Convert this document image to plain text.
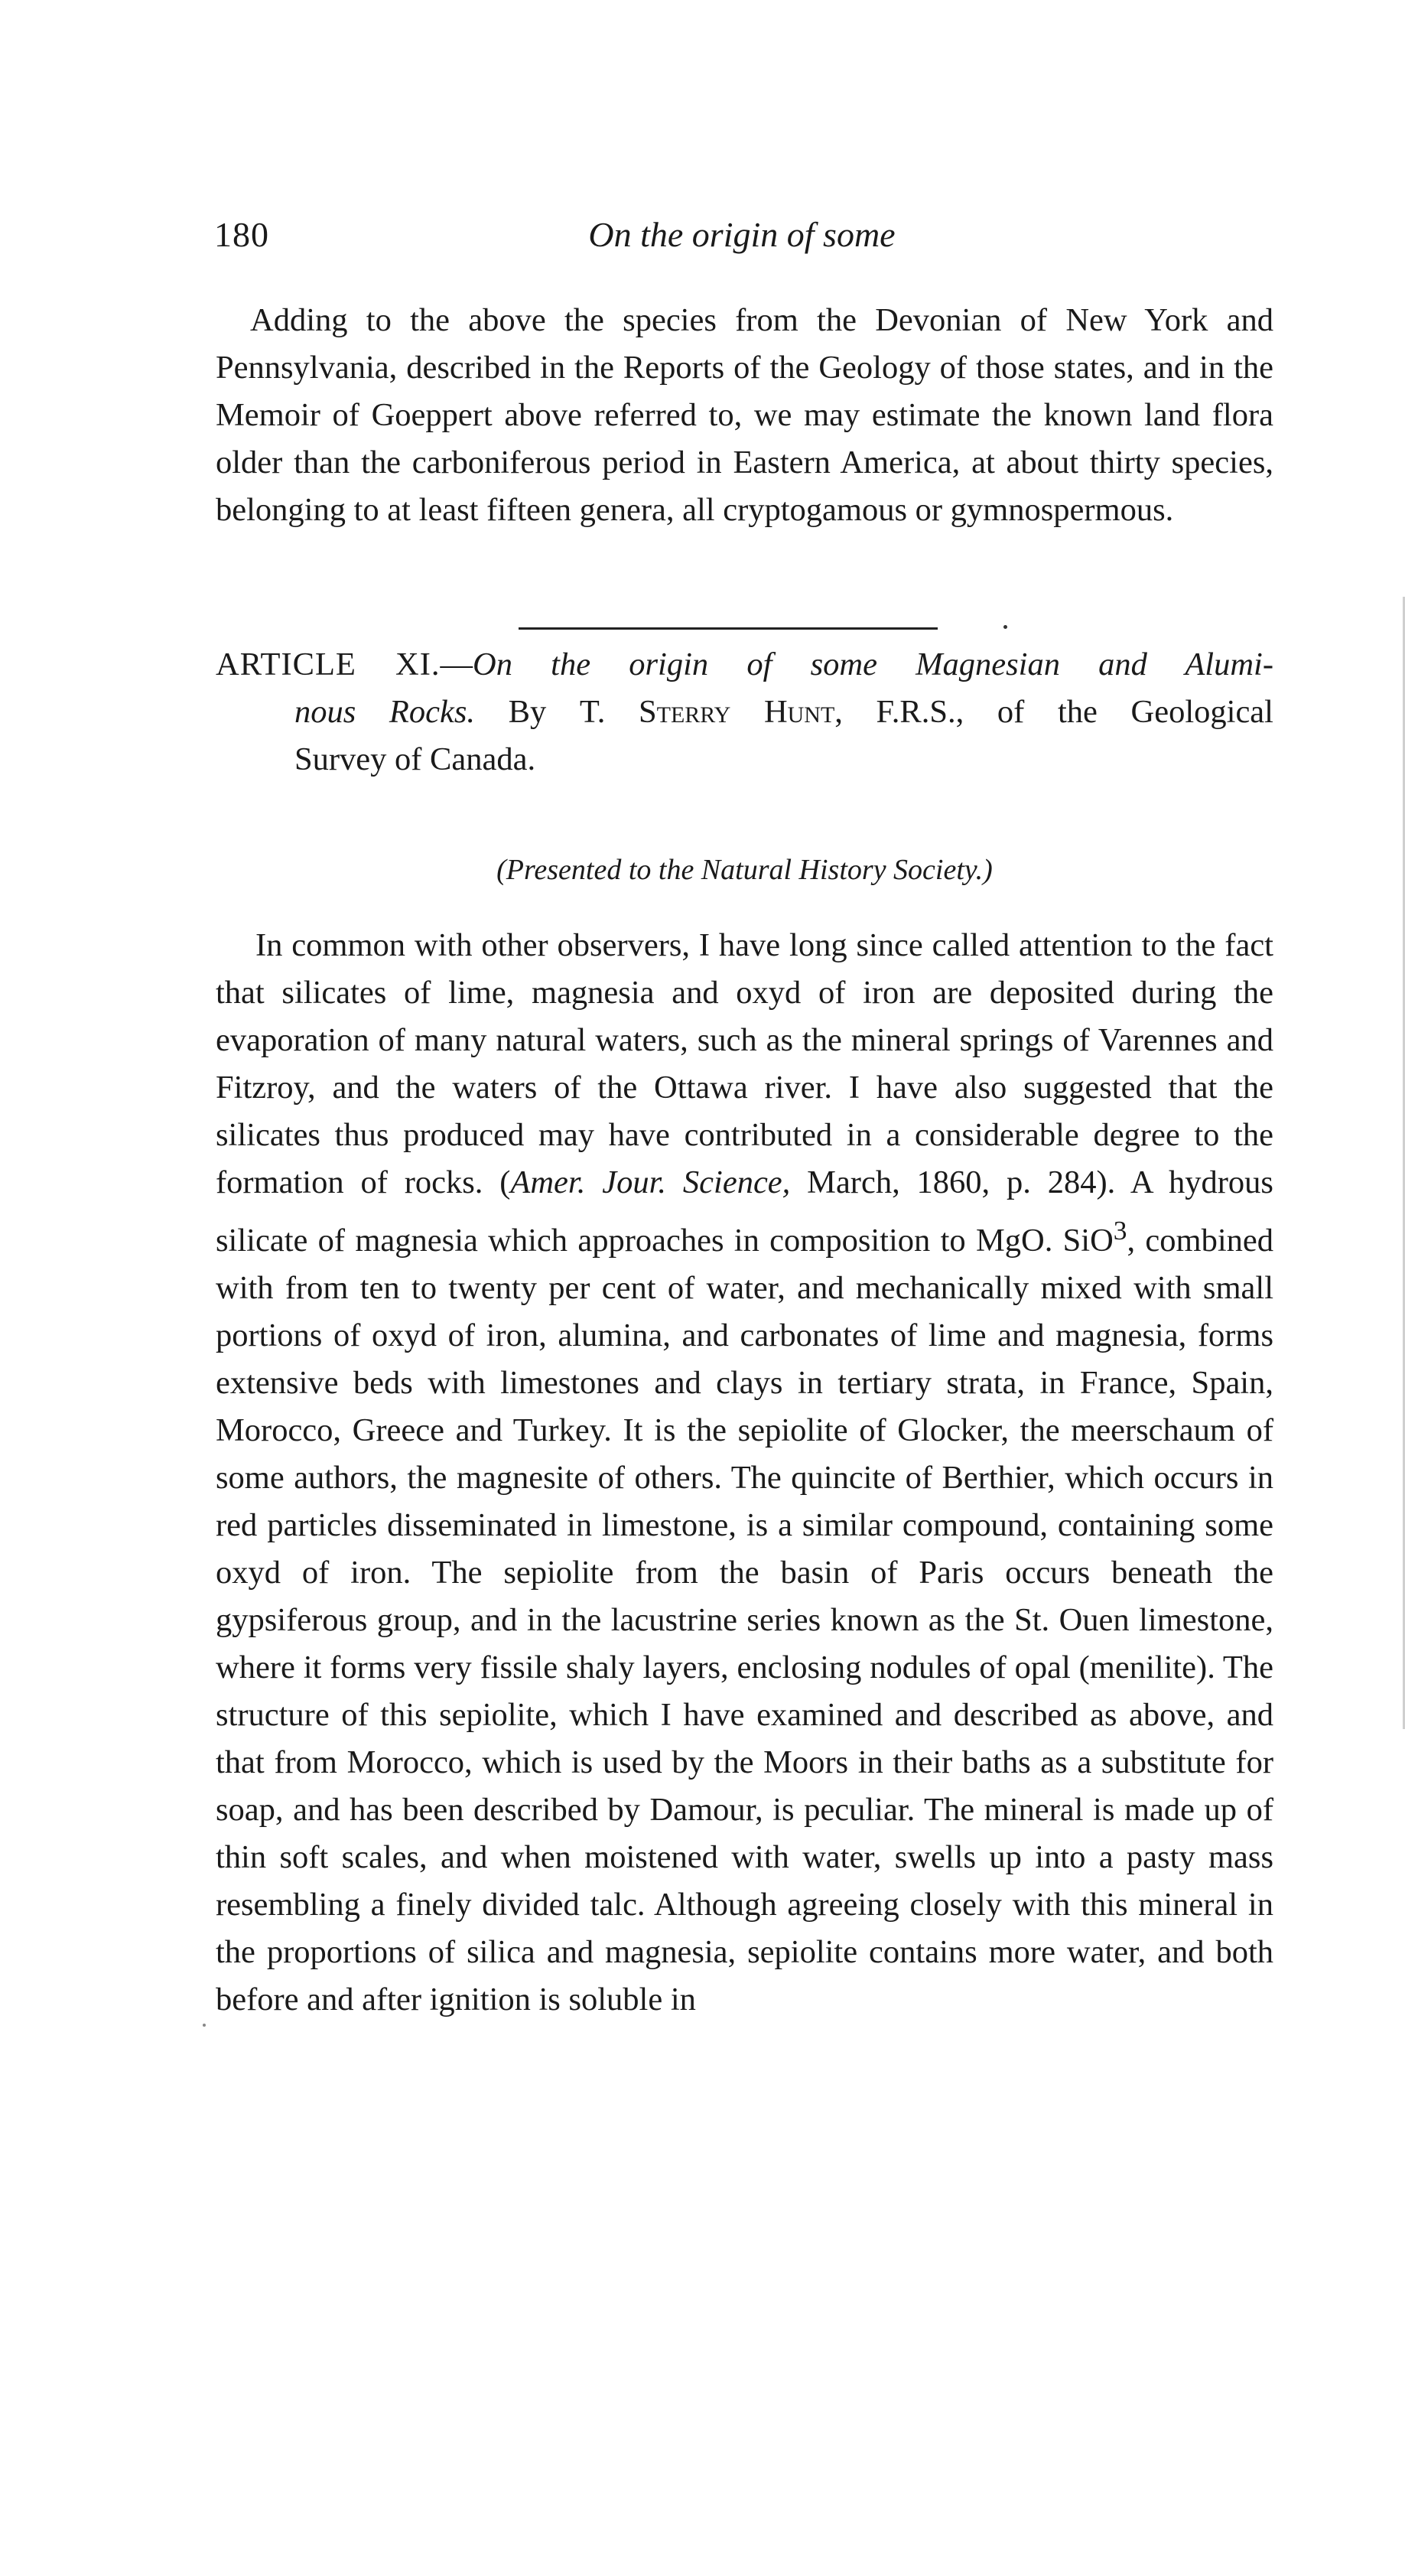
180	On the origin of some

Adding to the above the species from the Devonian of New York and Pennsylvania, described in the Reports of the Geology of those states, and in the Memoir of Goeppert above referred to, we may estimate the known land flora older than the carboniferous period in Eastern America, at about thirty species, belonging to at least fifteen genera, all cryptogamous or gymnospermous.

ARTICLE XI.—On the origin of some Magnesian and Alumi-
nous Rocks. By T. Sterry Hunt, F.R.S., of the Geological
Survey of Canada.
(Presented to the Natural History Society.)

In common with other observers, I have long since called attention to the fact that silicates of lime, magnesia and oxyd of iron are deposited during the evaporation of many natural waters, such as the mineral springs of Varennes and Fitzroy, and the waters of the Ottawa river. I have also suggested that the silicates thus produced may have contributed in a considerable degree to the formation of rocks. (Amer. Jour. Science, March, 1860, p. 284). A hydrous silicate of magnesia which approaches in composition to MgO. SiO$^3$, combined with from ten to twenty per cent of water, and mechanically mixed with small portions of oxyd of iron, alumina, and carbonates of lime and magnesia, forms extensive beds with limestones and clays in tertiary strata, in France, Spain, Morocco, Greece and Turkey. It is the sepiolite of Glocker, the meerschaum of some authors, the magnesite of others. The quincite of Berthier, which occurs in red particles disseminated in limestone, is a similar compound, containing some oxyd of iron. The sepiolite from the basin of Paris occurs beneath the gypsiferous group, and in the lacustrine series known as the St. Ouen limestone, where it forms very fissile shaly layers, enclosing nodules of opal (menilite). The structure of this sepiolite, which I have examined and described as above, and that from Morocco, which is used by the Moors in their baths as a substitute for soap, and has been described by Damour, is peculiar. The mineral is made up of thin soft scales, and when moistened with water, swells up into a pasty mass resembling a finely divided talc. Although agreeing closely with this mineral in the proportions of silica and magnesia, sepiolite contains more water, and both before and after ignition is soluble in
